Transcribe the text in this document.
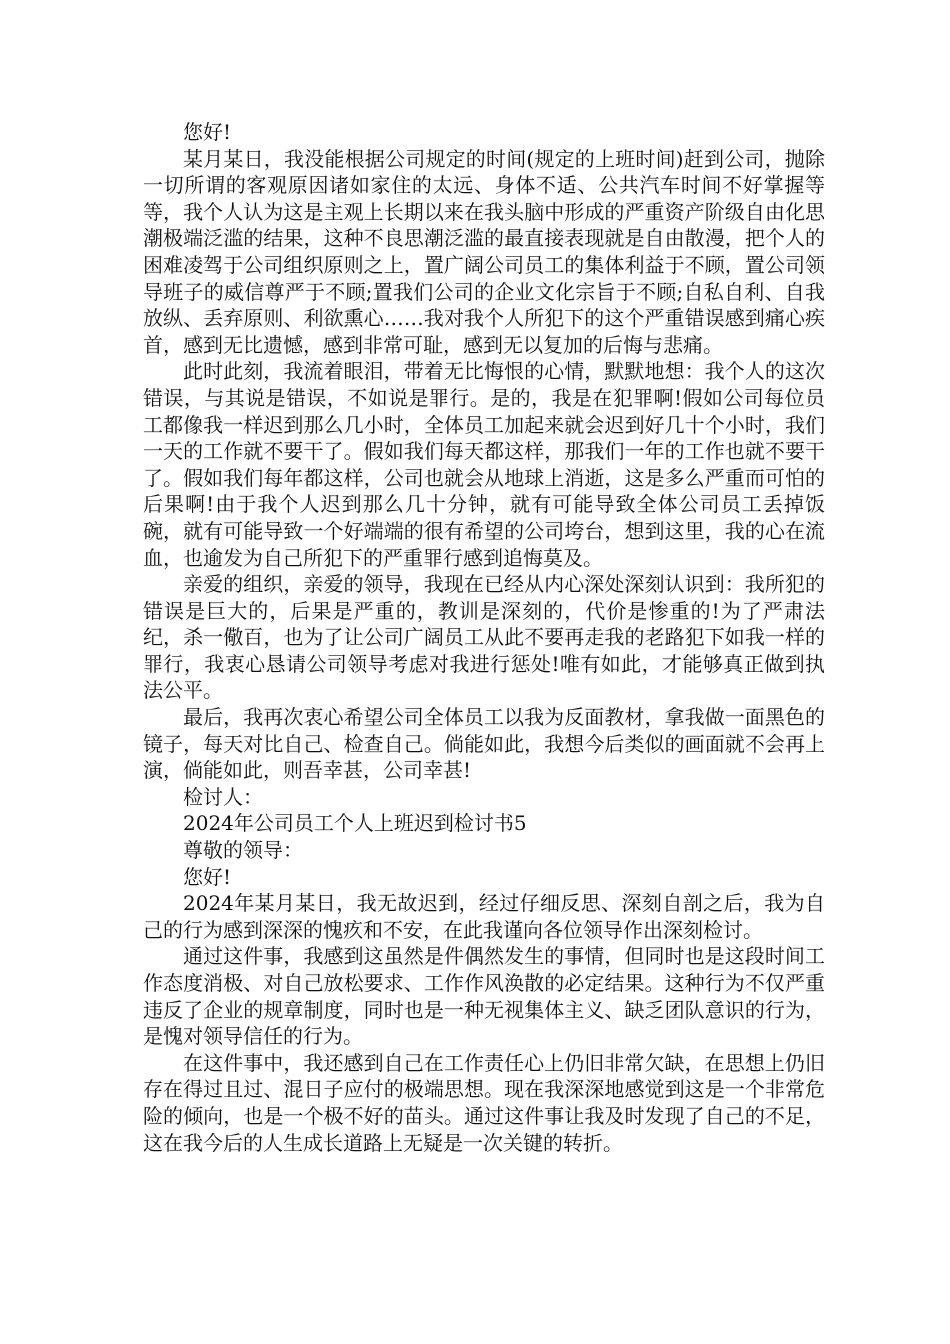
您好!

某月某日，我没能根据公司规定的时间(规定的上班时间)赶到公司，抛除一切所谓的客观原因诸如家住的太远、身体不适、公共汽车时间不好掌握等等，我个人认为这是主观上长期以来在我头脑中形成的严重资产阶级自由化思潮极端泛滥的结果，这种不良思潮泛滥的最直接表现就是自由散漫，把个人的困难凌驾于公司组织原则之上，置广阔公司员工的集体利益于不顾，置公司领导班子的威信尊严于不顾;置我们公司的企业文化宗旨于不顾;自私自利、自我放纵、丢弃原则、利欲熏心……我对我个人所犯下的这个严重错误感到痛心疾首，感到无比遗憾，感到非常可耻，感到无以复加的后悔与悲痛。

此时此刻，我流着眼泪，带着无比悔恨的心情，默默地想：我个人的这次错误，与其说是错误，不如说是罪行。是的，我是在犯罪啊!假如公司每位员工都像我一样迟到那么几小时，全体员工加起来就会迟到好几十个小时，我们一天的工作就不要干了。假如我们每天都这样，那我们一年的工作也就不要干了。假如我们每年都这样，公司也就会从地球上消逝，这是多么严重而可怕的后果啊!由于我个人迟到那么几十分钟，就有可能导致全体公司员工丢掉饭碗，就有可能导致一个好端端的很有希望的公司垮台，想到这里，我的心在流血，也逾发为自己所犯下的严重罪行感到追悔莫及。

亲爱的组织，亲爱的领导，我现在已经从内心深处深刻认识到：我所犯的错误是巨大的，后果是严重的，教训是深刻的，代价是惨重的!为了严肃法纪，杀一儆百，也为了让公司广阔员工从此不要再走我的老路犯下如我一样的罪行，我衷心恳请公司领导考虑对我进行惩处!唯有如此，才能够真正做到执法公平。

最后，我再次衷心希望公司全体员工以我为反面教材，拿我做一面黑色的镜子，每天对比自己、检查自己。倘能如此，我想今后类似的画面就不会再上演，倘能如此，则吾幸甚，公司幸甚!

检讨人：

2024年公司员工个人上班迟到检讨书5

尊敬的领导：

您好!

2024年某月某日，我无故迟到，经过仔细反思、深刻自剖之后，我为自己的行为感到深深的愧疚和不安，在此我谨向各位领导作出深刻检讨。

通过这件事，我感到这虽然是件偶然发生的事情，但同时也是这段时间工作态度消极、对自己放松要求、工作作风涣散的必定结果。这种行为不仅严重违反了企业的规章制度，同时也是一种无视集体主义、缺乏团队意识的行为，是愧对领导信任的行为。

在这件事中，我还感到自己在工作责任心上仍旧非常欠缺，在思想上仍旧存在得过且过、混日子应付的极端思想。现在我深深地感觉到这是一个非常危险的倾向，也是一个极不好的苗头。通过这件事让我及时发现了自己的不足，这在我今后的人生成长道路上无疑是一次关键的转折。
